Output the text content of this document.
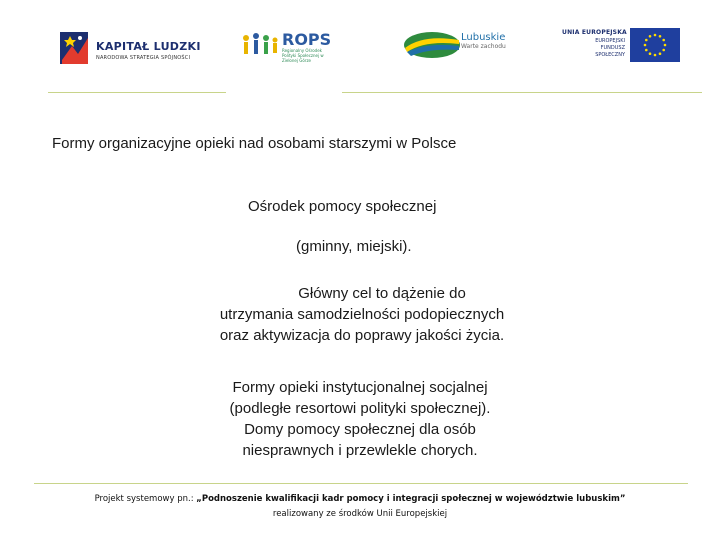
KAPITAŁ LUDZKI
NARODOWA STRATEGIA SPÓJNOŚCI
ROPS
Regionalny Ośrodek Polityki Społecznej w Zielonej Górze
Lubuskie
Warte zachodu
UNIA EUROPEJSKA
EUROPEJSKI
FUNDUSZ SPOŁECZNY
Formy organizacyjne opieki nad osobami starszymi w Polsce
Ośrodek pomocy społecznej
(gminny, miejski).
Główny cel to dążenie do
utrzymania samodzielności podopiecznych
oraz aktywizacja do poprawy jakości życia.
Formy opieki instytucjonalnej socjalnej
(podległe resortowi polityki społecznej).
Domy pomocy społecznej dla osób
niesprawnych i przewlekle chorych.
Projekt systemowy pn.: „Podnoszenie kwalifikacji kadr pomocy i integracji społecznej w województwie lubuskim”
realizowany ze środków Unii Europejskiej
